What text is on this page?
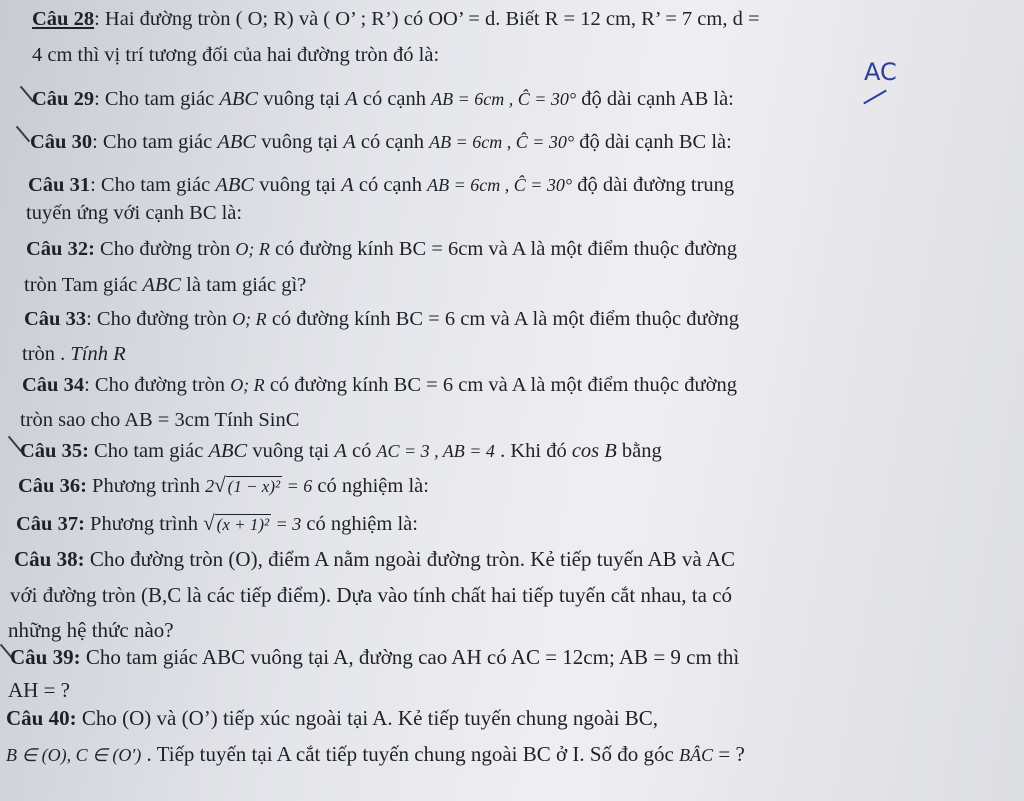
Câu 28: Hai đường tròn ( O; R) và ( O’ ; R’) có OO’ = d. Biết R = 12 cm, R’ = 7 cm, d =
4 cm thì vị trí tương đối của hai đường tròn đó là:
AC
Câu 29: Cho tam giác ABC vuông tại A có cạnh AB = 6cm , Ĉ = 30° độ dài cạnh AB là:
Câu 30: Cho tam giác ABC vuông tại A có cạnh AB = 6cm , Ĉ = 30° độ dài cạnh BC là:
Câu 31: Cho tam giác ABC vuông tại A có cạnh AB = 6cm , Ĉ = 30° độ dài đường trung
tuyến ứng với cạnh BC là:
Câu 32: Cho đường tròn O; R có đường kính BC = 6cm và A là một điểm thuộc đường
tròn Tam giác ABC là tam giác gì?
Câu 33: Cho đường tròn O; R có đường kính BC = 6 cm và A là một điểm thuộc đường
tròn . Tính R
Câu 34: Cho đường tròn O; R có đường kính BC = 6 cm và A là một điểm thuộc đường
tròn sao cho AB = 3cm Tính SinC
Câu 35: Cho tam giác ABC vuông tại A có AC = 3 , AB = 4 . Khi đó cos B bằng
Câu 36: Phương trình 2√ (1 − x)² = 6 có nghiệm là:
Câu 37: Phương trình √ (x + 1)² = 3 có nghiệm là:
Câu 38: Cho đường tròn (O), điểm A nằm ngoài đường tròn. Kẻ tiếp tuyến AB và AC
với đường tròn (B,C là các tiếp điểm). Dựa vào tính chất hai tiếp tuyến cắt nhau, ta có
những hệ thức nào?
Câu 39: Cho tam giác ABC vuông tại A, đường cao AH có AC = 12cm; AB = 9 cm thì
AH = ?
Câu 40: Cho (O) và (O’) tiếp xúc ngoài tại A. Kẻ tiếp tuyến chung ngoài BC,
B ∈ (O), C ∈ (O′) . Tiếp tuyến tại A cắt tiếp tuyến chung ngoài BC ở I. Số đo góc BÂC = ?
